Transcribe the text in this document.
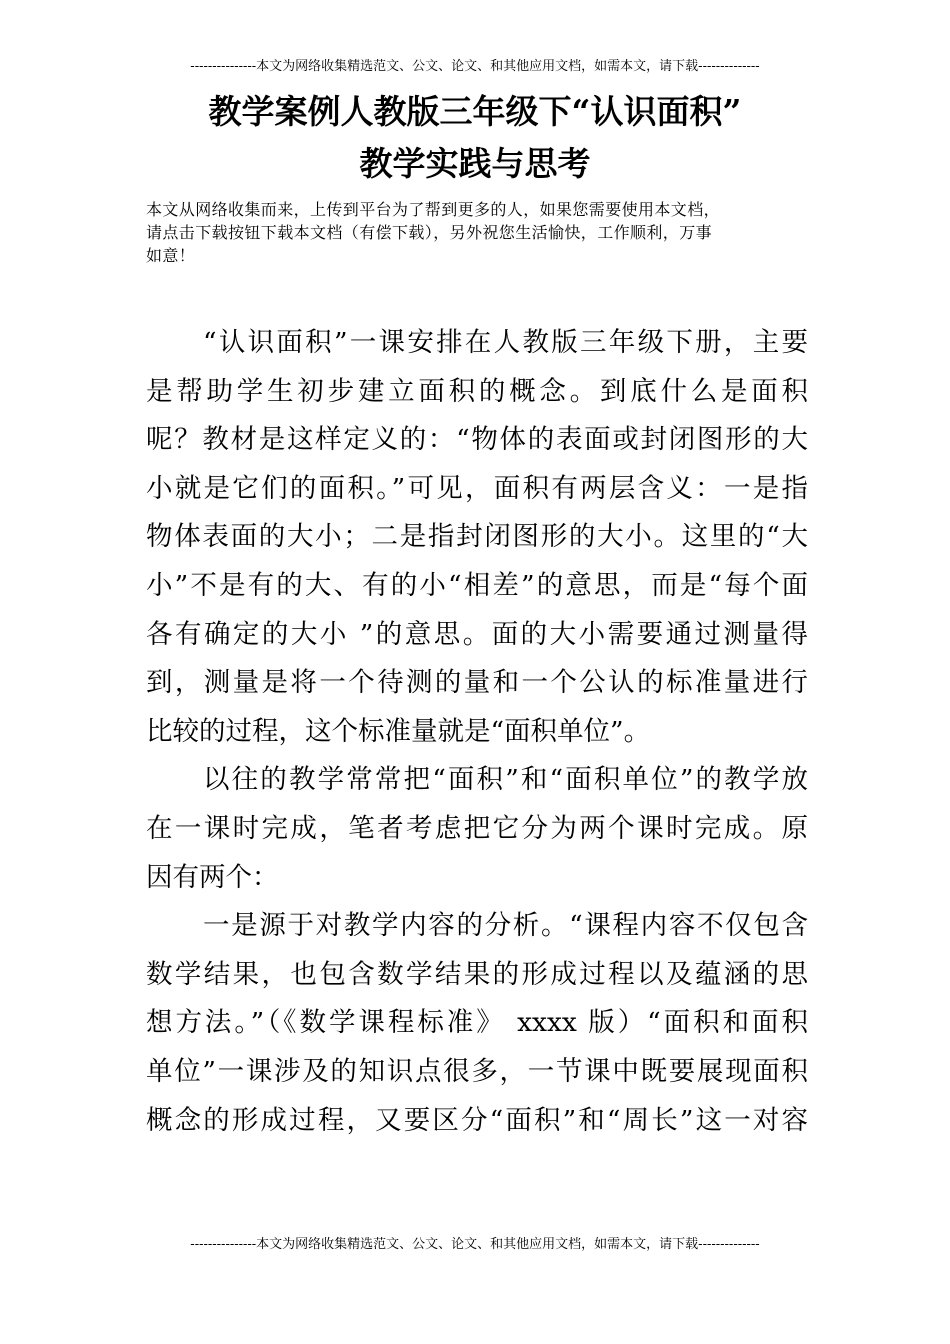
---------------本文为网络收集精选范文、公文、论文、和其他应用文档，如需本文，请下载--------------
教学案例人教版三年级下“认识面积”
教学实践与思考
本文从网络收集而来，上传到平台为了帮到更多的人，如果您需要使用本文档，
请点击下载按钮下载本文档（有偿下载），另外祝您生活愉快，工作顺利，万事
如意！
“认识面积”一课安排在人教版三年级下册，主要
是帮助学生初步建立面积的概念。到底什么是面积
呢？教材是这样定义的：“物体的表面或封闭图形的大
小就是它们的面积。”可见，面积有两层含义：一是指
物体表面的大小；二是指封闭图形的大小。这里的“大
小”不是有的大、有的小“相差”的意思，而是“每个面
各有确定的大小 ”的意思。面的大小需要通过测量得
到，测量是将一个待测的量和一个公认的标准量进行
比较的过程，这个标准量就是“面积单位”。
以往的教学常常把“面积”和“面积单位”的教学放
在一课时完成，笔者考虑把它分为两个课时完成。原
因有两个：
一是源于对教学内容的分析。“课程内容不仅包含
数学结果，也包含数学结果的形成过程以及蕴涵的思
想方法。”（《数学课程标准》 xxxx 版）“面积和面积
单位”一课涉及的知识点很多，一节课中既要展现面积
概念的形成过程，又要区分“面积”和“周长”这一对容
---------------本文为网络收集精选范文、公文、论文、和其他应用文档，如需本文，请下载--------------
